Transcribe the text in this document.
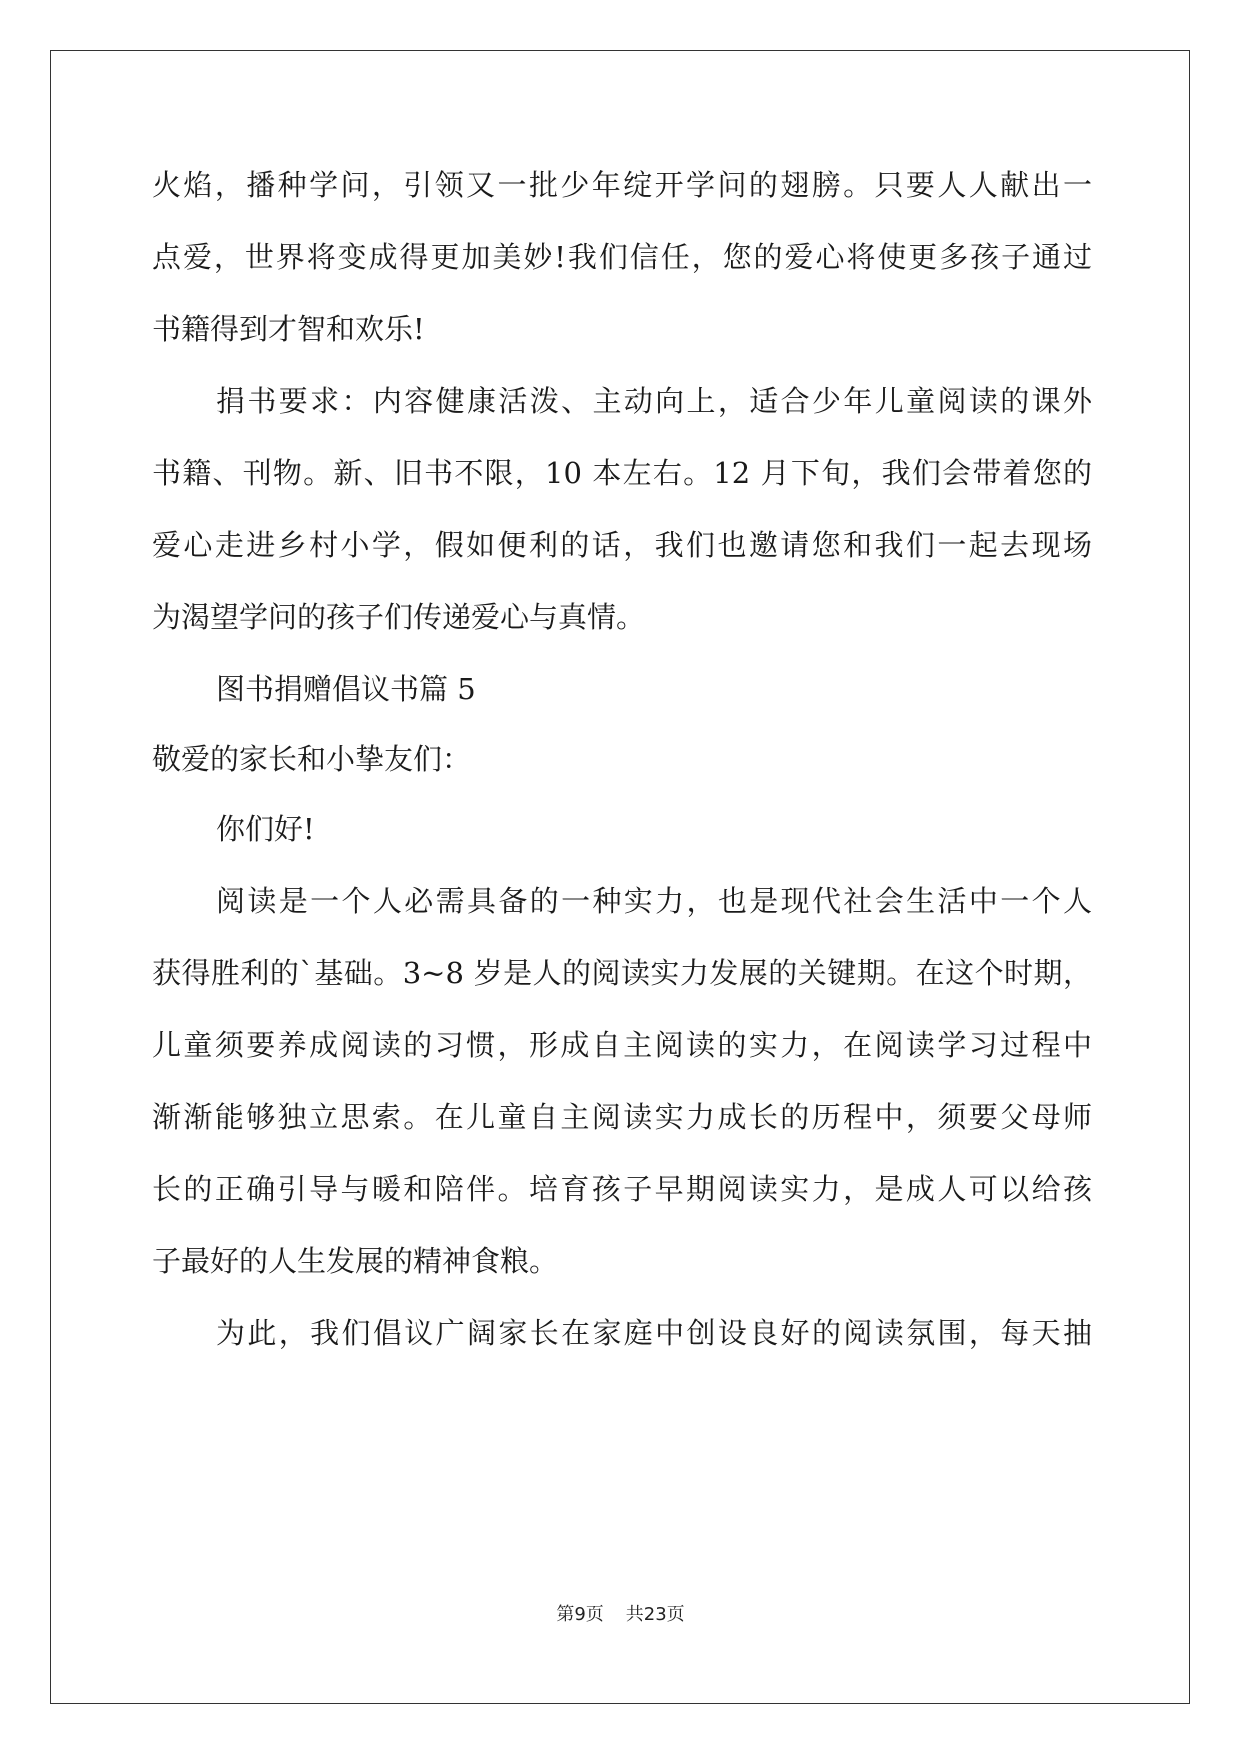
火焰，播种学问，引领又一批少年绽开学问的翅膀。只要人人献出一
点爱，世界将变成得更加美妙!我们信任，您的爱心将使更多孩子通过
书籍得到才智和欢乐!
捐书要求：内容健康活泼、主动向上，适合少年儿童阅读的课外
书籍、刊物。新、旧书不限，10 本左右。12 月下旬，我们会带着您的
爱心走进乡村小学，假如便利的话，我们也邀请您和我们一起去现场
为渴望学问的孩子们传递爱心与真情。
图书捐赠倡议书篇 5
敬爱的家长和小挚友们：
你们好!
阅读是一个人必需具备的一种实力，也是现代社会生活中一个人
获得胜利的`基础。3~8 岁是人的阅读实力发展的关键期。在这个时期，
儿童须要养成阅读的习惯，形成自主阅读的实力，在阅读学习过程中
渐渐能够独立思索。在儿童自主阅读实力成长的历程中，须要父母师
长的正确引导与暖和陪伴。培育孩子早期阅读实力，是成人可以给孩
子最好的人生发展的精神食粮。
为此，我们倡议广阔家长在家庭中创设良好的阅读氛围，每天抽
第9页 共23页
